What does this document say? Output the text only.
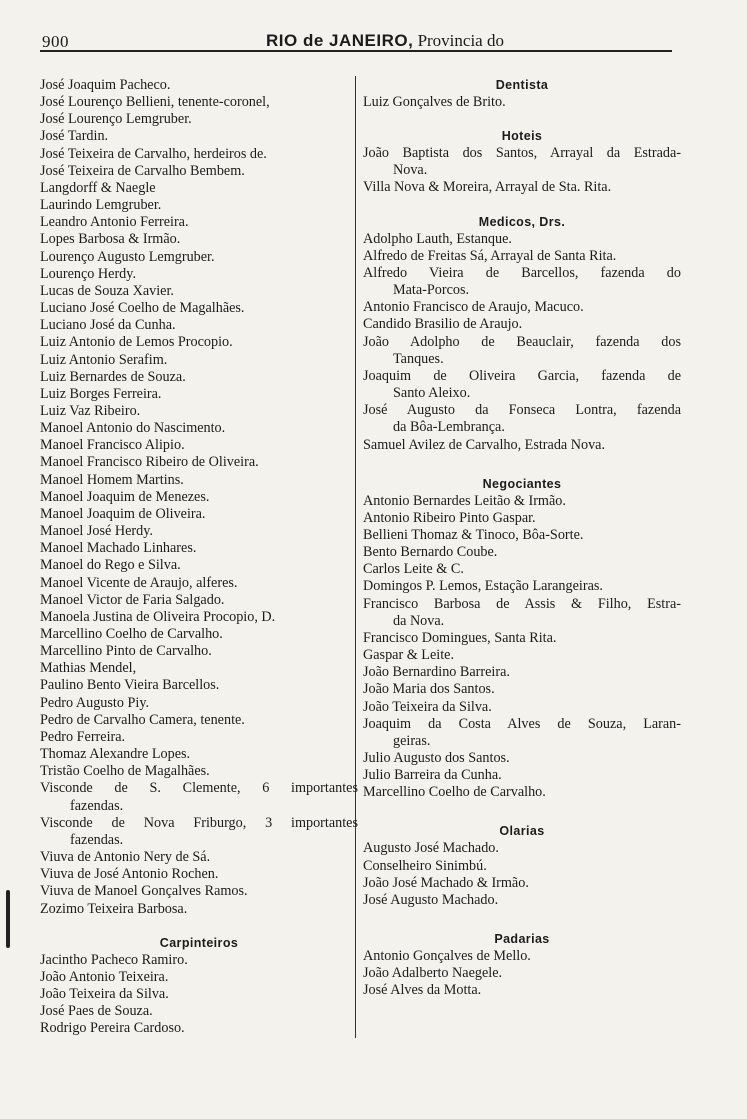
900	RIO de JANEIRO, Provincia do
José Joaquim Pacheco.
José Lourenço Bellieni, tenente-coronel,
José Lourenço Lemgruber.
José Tardin.
José Teixeira de Carvalho, herdeiros de.
José Teixeira de Carvalho Bembem.
Langdorff & Naegle
Laurindo Lemgruber.
Leandro Antonio Ferreira.
Lopes Barbosa & Irmão.
Lourenço Augusto Lemgruber.
Lourenço Herdy.
Lucas de Souza Xavier.
Luciano José Coelho de Magalhães.
Luciano José da Cunha.
Luiz Antonio de Lemos Procopio.
Luiz Antonio Serafim.
Luiz Bernardes de Souza.
Luiz Borges Ferreira.
Luiz Vaz Ribeiro.
Manoel Antonio do Nascimento.
Manoel Francisco Alipio.
Manoel Francisco Ribeiro de Oliveira.
Manoel Homem Martins.
Manoel Joaquim de Menezes.
Manoel Joaquim de Oliveira.
Manoel José Herdy.
Manoel Machado Linhares.
Manoel do Rego e Silva.
Manoel Vicente de Araujo, alferes.
Manoel Victor de Faria Salgado.
Manoela Justina de Oliveira Procopio, D.
Marcellino Coelho de Carvalho.
Marcellino Pinto de Carvalho.
Mathias Mendel,
Paulino Bento Vieira Barcellos.
Pedro Augusto Piy.
Pedro de Carvalho Camera, tenente.
Pedro Ferreira.
Thomaz Alexandre Lopes.
Tristão Coelho de Magalhães.
Visconde de S. Clemente, 6 importantes
fazendas.
Visconde de Nova Friburgo, 3 importantes
fazendas.
Viuva de Antonio Nery de Sá.
Viuva de José Antonio Rochen.
Viuva de Manoel Gonçalves Ramos.
Zozimo Teixeira Barbosa.
Carpinteiros
Jacintho Pacheco Ramiro.
João Antonio Teixeira.
João Teixeira da Silva.
José Paes de Souza.
Rodrigo Pereira Cardoso.
Dentista
Luiz Gonçalves de Brito.
Hoteis
João Baptista dos Santos, Arrayal da Estrada-
Nova.
Villa Nova & Moreira, Arrayal de Sta. Rita.
Medicos, Drs.
Adolpho Lauth, Estanque.
Alfredo de Freitas Sá, Arrayal de Santa Rita.
Alfredo Vieira de Barcellos, fazenda do
Mata-Porcos.
Antonio Francisco de Araujo, Macuco.
Candido Brasilio de Araujo.
João Adolpho de Beauclair, fazenda dos
Tanques.
Joaquim de Oliveira Garcia, fazenda de
Santo Aleixo.
José Augusto da Fonseca Lontra, fazenda
da Bôa-Lembrança.
Samuel Avilez de Carvalho, Estrada Nova.
Negociantes
Antonio Bernardes Leitão & Irmão.
Antonio Ribeiro Pinto Gaspar.
Bellieni Thomaz & Tinoco, Bôa-Sorte.
Bento Bernardo Coube.
Carlos Leite & C.
Domingos P. Lemos, Estação Larangeiras.
Francisco Barbosa de Assis & Filho, Estra-
da Nova.
Francisco Domingues, Santa Rita.
Gaspar & Leite.
João Bernardino Barreira.
João Maria dos Santos.
João Teixeira da Silva.
Joaquim da Costa Alves de Souza, Laran-
geiras.
Julio Augusto dos Santos.
Julio Barreira da Cunha.
Marcellino Coelho de Carvalho.
Olarias
Augusto José Machado.
Conselheiro Sinimbú.
João José Machado & Irmão.
José Augusto Machado.
Padarias
Antonio Gonçalves de Mello.
João Adalberto Naegele.
José Alves da Motta.
